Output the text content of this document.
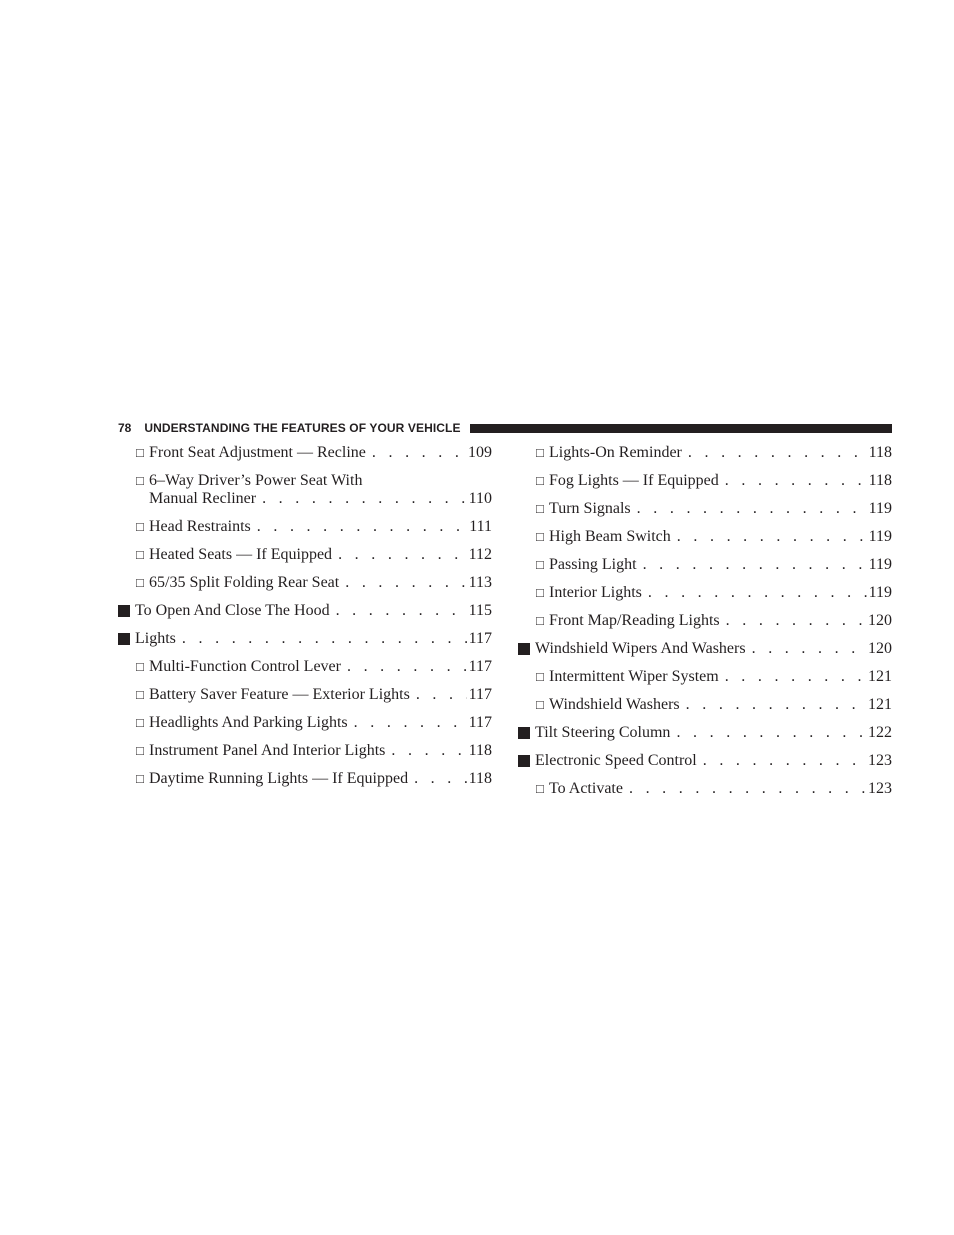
78 UNDERSTANDING THE FEATURES OF YOUR VEHICLE
□ Front Seat Adjustment — Recline . . .	109
□ 6–Way Driver’s Power Seat With
Manual Recliner . . .	110
□ Head Restraints . . .	111
□ Heated Seats — If Equipped . . .	112
□ 65/35 Split Folding Rear Seat . . .	113
To Open And Close The Hood . . .	115
Lights . . .	117
□ Multi-Function Control Lever . . .	117
□ Battery Saver Feature — Exterior Lights . . .	117
□ Headlights And Parking Lights . . .	117
□ Instrument Panel And Interior Lights . . .	118
□ Daytime Running Lights — If Equipped . . .	118
□ Lights-On Reminder . . .	118
□ Fog Lights — If Equipped . . .	118
□ Turn Signals . . .	119
□ High Beam Switch . . .	119
□ Passing Light . . .	119
□ Interior Lights . . .	119
□ Front Map/Reading Lights . . .	120
Windshield Wipers And Washers . . .	120
□ Intermittent Wiper System . . .	121
□ Windshield Washers . . .	121
Tilt Steering Column . . .	122
Electronic Speed Control . . .	123
□ To Activate . . .	123
